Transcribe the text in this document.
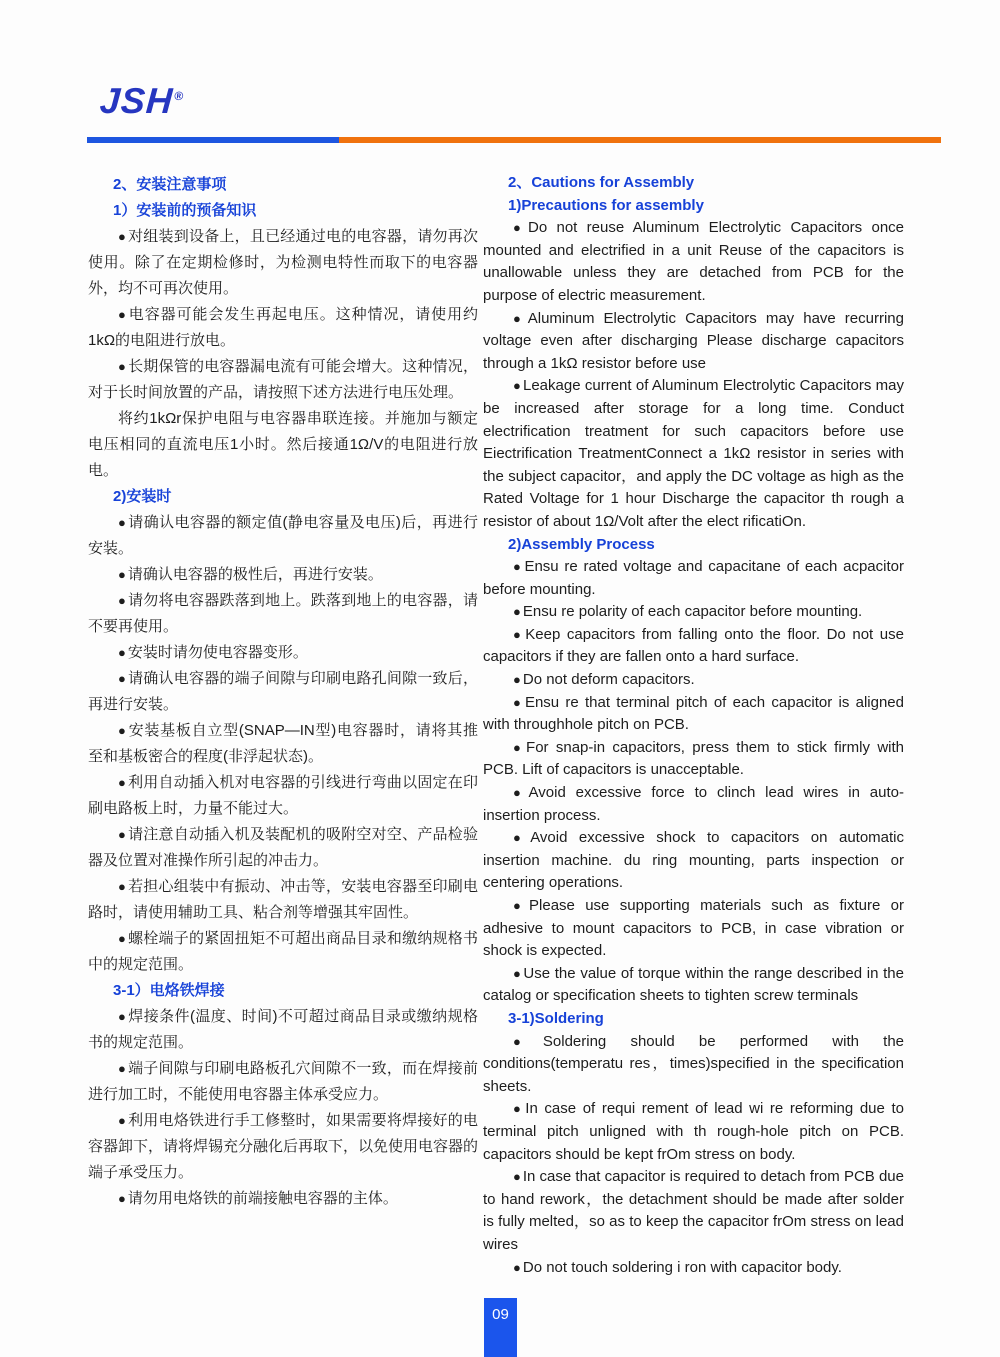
JSH®
2、安装注意事项
1）安装前的预备知识
● 对组装到设备上，且已经通过电的电容器，请勿再次使用。除了在定期检修时，为检测电特性而取下的电容器外，均不可再次使用。
● 电容器可能会发生再起电压。这种情况，请使用约1kΩ的电阻进行放电。
● 长期保管的电容器漏电流有可能会增大。这种情况，对于长时间放置的产品，请按照下述方法进行电压处理。
将约1kΩr保护电阻与电容器串联连接。并施加与额定电压相同的直流电压1小时。然后接通1Ω/V的电阻进行放电。
2)安装时
● 请确认电容器的额定值(静电容量及电压)后，再进行安装。
● 请确认电容器的极性后，再进行安装。
● 请勿将电容器跌落到地上。跌落到地上的电容器，请不要再使用。
● 安装时请勿使电容器变形。
● 请确认电容器的端子间隙与印刷电路孔间隙一致后，再进行安装。
● 安装基板自立型(SNAP—IN型)电容器时，请将其推至和基板密合的程度(非浮起状态)。
● 利用自动插入机对电容器的引线进行弯曲以固定在印刷电路板上时，力量不能过大。
● 请注意自动插入机及装配机的吸附空对空、产品检验器及位置对准操作所引起的冲击力。
● 若担心组装中有振动、冲击等，安装电容器至印刷电路时，请使用辅助工具、粘合剂等增强其牢固性。
● 螺栓端子的紧固扭矩不可超出商品目录和缴纳规格书中的规定范围。
3-1）电烙铁焊接
● 焊接条件(温度、时间)不可超过商品目录或缴纳规格书的规定范围。
● 端子间隙与印刷电路板孔穴间隙不一致，而在焊接前进行加工时，不能使用电容器主体承受应力。
● 利用电烙铁进行手工修整时，如果需要将焊接好的电容器卸下，请将焊锡充分融化后再取下，以免使用电容器的端子承受压力。
● 请勿用电烙铁的前端接触电容器的主体。
2、Cautions for Assembly
1)Precautions for assembly
● Do not reuse Aluminum Electrolytic Capacitors once mounted and electrified in a unit Reuse of the capacitors is unallowable unless they are detached from PCB for the purpose of electric measurement.
● Aluminum Electrolytic Capacitors may have recurring voltage even after discharging Please discharge capacitors through a 1kΩ resistor before use
● Leakage current of Aluminum Electrolytic Capacitors may be increased after storage for a long time. Conduct electrification treatment for such capacitors before use Eiectrification TreatmentConnect a 1kΩ resistor in series with the subject capacitor，and apply the DC voltage as high as the Rated Voltage for 1 hour Discharge the capacitor th rough a resistor of about 1Ω/Volt after the elect rificatiOn.
2)Assembly Process
● Ensu re rated voltage and capacitane of each acpacitor before mounting.
● Ensu re polarity of each capacitor before mounting.
● Keep capacitors from falling onto the floor. Do not use capacitors if they are fallen onto a hard surface.
● Do not deform capacitors.
● Ensu re that terminal pitch of each capacitor is aligned with throughhole pitch on PCB.
● For snap-in capacitors, press them to stick firmly with PCB. Lift of capacitors is unacceptable.
● Avoid excessive force to clinch lead wires in auto-insertion process.
● Avoid excessive shock to capacitors on automatic insertion machine. du ring mounting, parts inspection or centering operations.
● Please use supporting materials such as fixture or adhesive to mount capacitors to PCB, in case vibration or shock is expected.
● Use the value of torque within the range described in the catalog or specification sheets to tighten screw terminals
3-1)Soldering
● Soldering should be performed with the conditions(temperatu res，times)specified in the specification sheets.
● In case of requi rement of lead wi re reforming due to terminal pitch unligned with th rough-hole pitch on PCB. capacitors should be kept frOm stress on body.
● In case that capacitor is required to detach from PCB due to hand rework，the detachment should be made after solder is fully melted，so as to keep the capacitor frOm stress on lead wires
● Do not touch soldering i ron with capacitor body.
09
